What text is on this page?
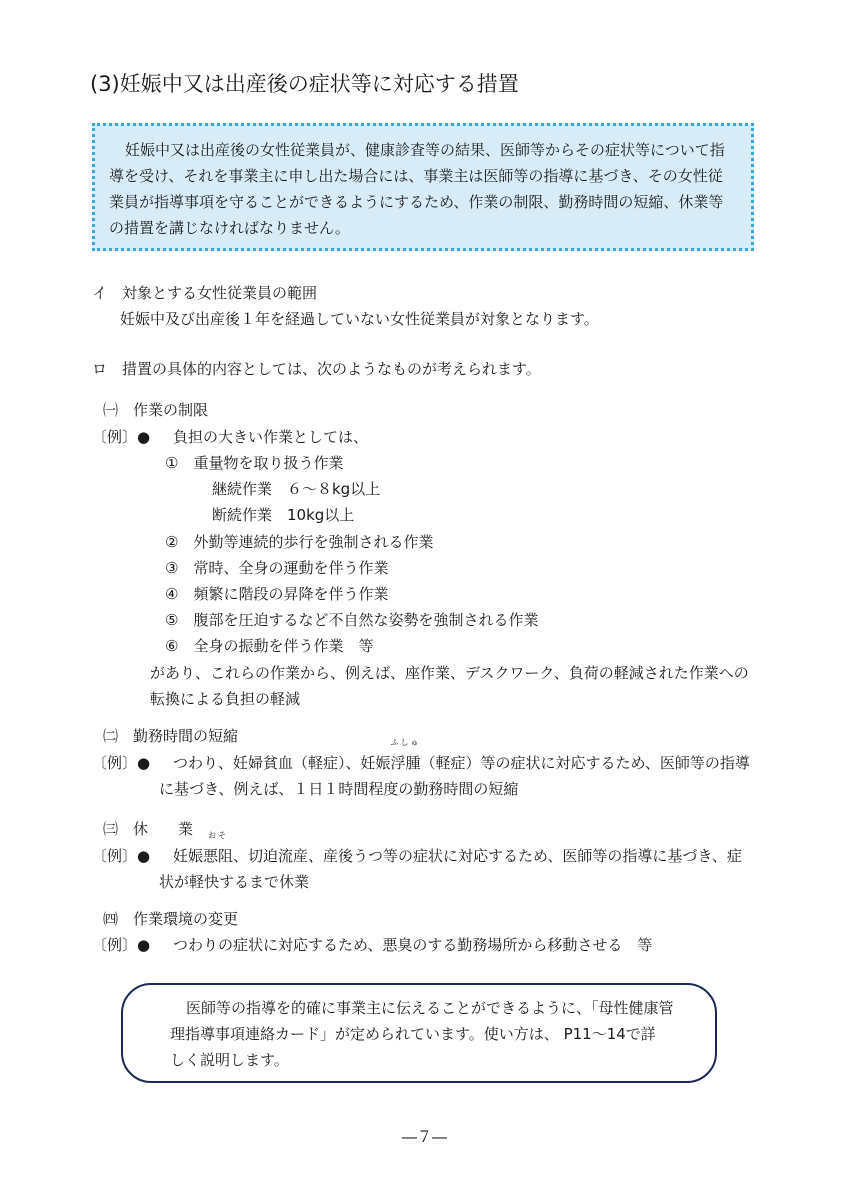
(3)妊娠中又は出産後の症状等に対応する措置
妊娠中又は出産後の女性従業員が、健康診査等の結果、医師等からその症状等について指
導を受け、それを事業主に申し出た場合には、事業主は医師等の指導に基づき、その女性従
業員が指導事項を守ることができるようにするため、作業の制限、勤務時間の短縮、休業等
の措置を講じなければなりません。
イ　対象とする女性従業員の範囲
妊娠中及び出産後１年を経過していない女性従業員が対象となります。
ロ　措置の具体的内容としては、次のようなものが考えられます。
㈠　作業の制限
〔例〕● 負担の大きい作業としては、
①　重量物を取り扱う作業
継続作業　６～８kg以上
断続作業　10kg以上
②　外勤等連続的歩行を強制される作業
③　常時、全身の運動を伴う作業
④　頻繁に階段の昇降を伴う作業
⑤　腹部を圧迫するなど不自然な姿勢を強制される作業
⑥　全身の振動を伴う作業　等
があり、これらの作業から、例えば、座作業、デスクワーク、負荷の軽減された作業への
転換による負担の軽減
㈡　勤務時間の短縮
〔例〕● つわり、妊婦貧血（軽症）、妊娠
ふしゅ
浮腫（軽症）等の症状に対応するため、医師等の指導
に基づき、例えば、１日１時間程度の勤務時間の短縮
㈢　休　　業
〔例〕● 妊娠
おそ
悪阻、切迫流産、産後うつ等の症状に対応するため、医師等の指導に基づき、症
状が軽快するまで休業
㈣　作業環境の変更
〔例〕● つわりの症状に対応するため、悪臭のする勤務場所から移動させる　等
医師等の指導を的確に事業主に伝えることができるように、「母性健康管
理指導事項連絡カード」が定められています。使い方は、 P11～14で詳
しく説明します。
―７―
